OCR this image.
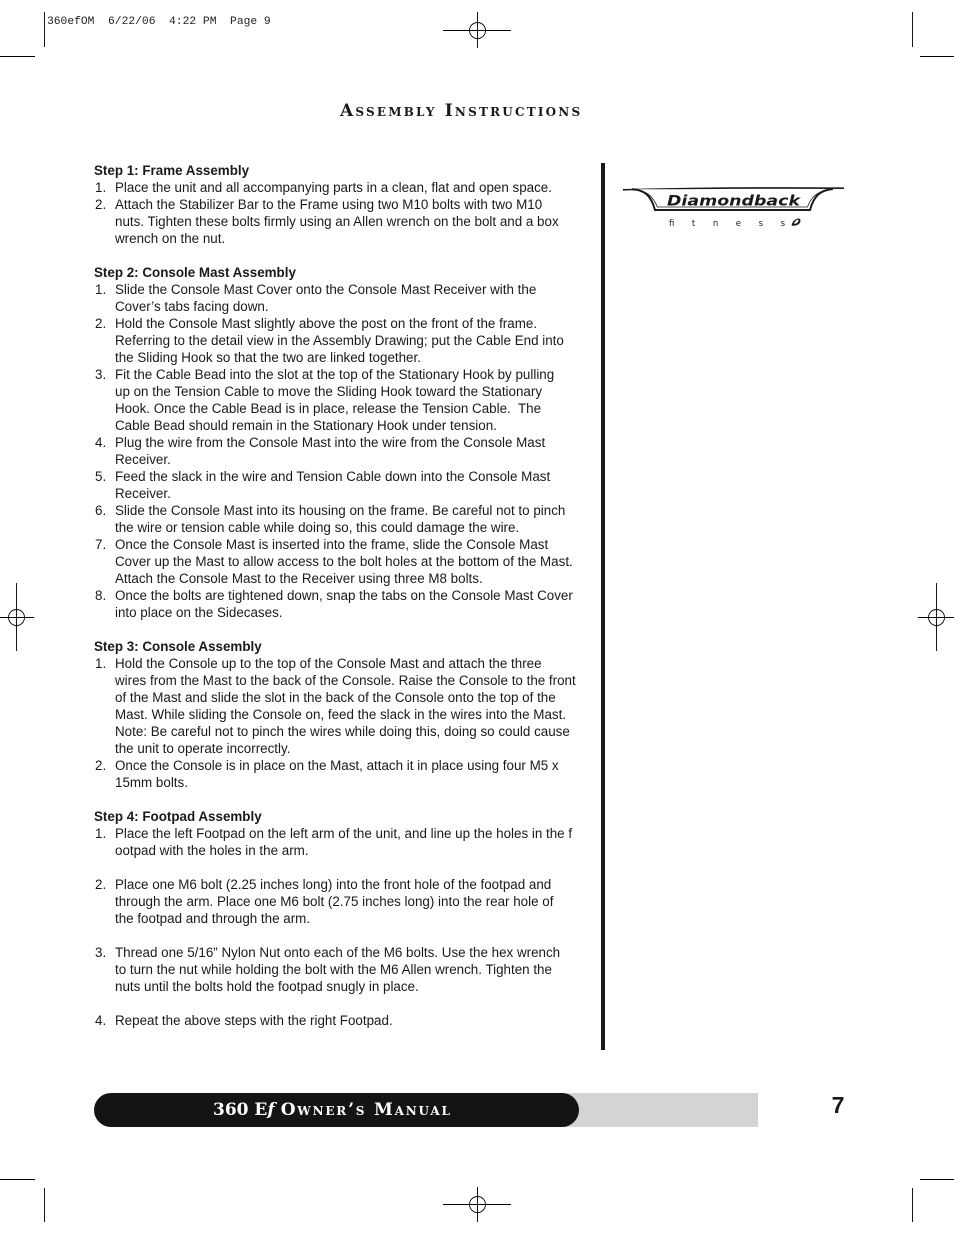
360efOM  6/22/06  4:22 PM  Page 9
Assembly Instructions
Step 1: Frame Assembly
1. Place the unit and all accompanying parts in a clean, flat and open space.
2. Attach the Stabilizer Bar to the Frame using two M10 bolts with two M10
nuts. Tighten these bolts firmly using an Allen wrench on the bolt and a box
wrench on the nut.
Step 2: Console Mast Assembly
1. Slide the Console Mast Cover onto the Console Mast Receiver with the
Cover’s tabs facing down.
2. Hold the Console Mast slightly above the post on the front of the frame.
Referring to the detail view in the Assembly Drawing; put the Cable End into
the Sliding Hook so that the two are linked together.
3. Fit the Cable Bead into the slot at the top of the Stationary Hook by pulling
up on the Tension Cable to move the Sliding Hook toward the Stationary
Hook. Once the Cable Bead is in place, release the Tension Cable.  The
Cable Bead should remain in the Stationary Hook under tension.
4. Plug the wire from the Console Mast into the wire from the Console Mast
Receiver.
5. Feed the slack in the wire and Tension Cable down into the Console Mast
Receiver.
6. Slide the Console Mast into its housing on the frame. Be careful not to pinch
the wire or tension cable while doing so, this could damage the wire.
7. Once the Console Mast is inserted into the frame, slide the Console Mast
Cover up the Mast to allow access to the bolt holes at the bottom of the Mast.
Attach the Console Mast to the Receiver using three M8 bolts.
8. Once the bolts are tightened down, snap the tabs on the Console Mast Cover
into place on the Sidecases.
Step 3: Console Assembly
1. Hold the Console up to the top of the Console Mast and attach the three
wires from the Mast to the back of the Console. Raise the Console to the front
of the Mast and slide the slot in the back of the Console onto the top of the
Mast. While sliding the Console on, feed the slack in the wires into the Mast.
Note: Be careful not to pinch the wires while doing this, doing so could cause
the unit to operate incorrectly.
2. Once the Console is in place on the Mast, attach it in place using four M5 x
15mm bolts.
Step 4: Footpad Assembly
1. Place the left Footpad on the left arm of the unit, and line up the holes in the f
ootpad with the holes in the arm.
2. Place one M6 bolt (2.25 inches long) into the front hole of the footpad and
through the arm. Place one M6 bolt (2.75 inches long) into the rear hole of
the footpad and through the arm.
3. Thread one 5/16” Nylon Nut onto each of the M6 bolts. Use the hex wrench
to turn the nut while holding the bolt with the M6 Allen wrench. Tighten the
nuts until the bolts hold the footpad snugly in place.
4. Repeat the above steps with the right Footpad.
Diamondback
fitness
360 E f Owner’s Manual	7
